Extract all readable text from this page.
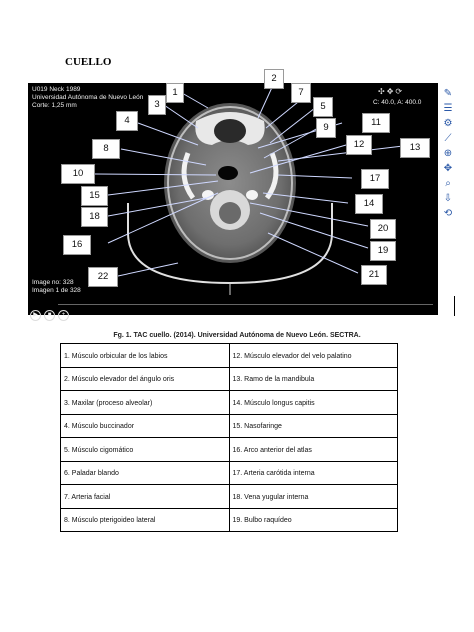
CUELLO
U019 Neck 1989
Universidad Autónoma de Nuevo León
Corte: 1,25 mm	C: 40.0, A: 400.0
✣✥⟳
Image no: 328
Imagen 1 de 328
1
2
3
4
5
7
8
9
10
11
12	13
14
15
16
17
18
19
20
21
22
▶ ■ +
✎
☰
⚙
⟋
⊕
✥
⌕
⇩
⟲
Fg. 1. TAC cuello. (2014). Universidad Autónoma de Nuevo León. SECTRA.
1. Músculo orbicular de los labios	12. Músculo elevador del velo palatino
2. Músculo elevador del ángulo oris	13. Ramo de la mandibula
3. Maxilar (proceso alveolar)	14. Músculo longus capitis
4. Músculo buccinador	15. Nasofaringe
5. Músculo cigomático	16. Arco anterior del atlas
6. Paladar blando	17. Arteria carótida interna
7. Arteria facial	18. Vena yugular interna
8. Músculo pterigoideo lateral	19. Bulbo raquídeo
